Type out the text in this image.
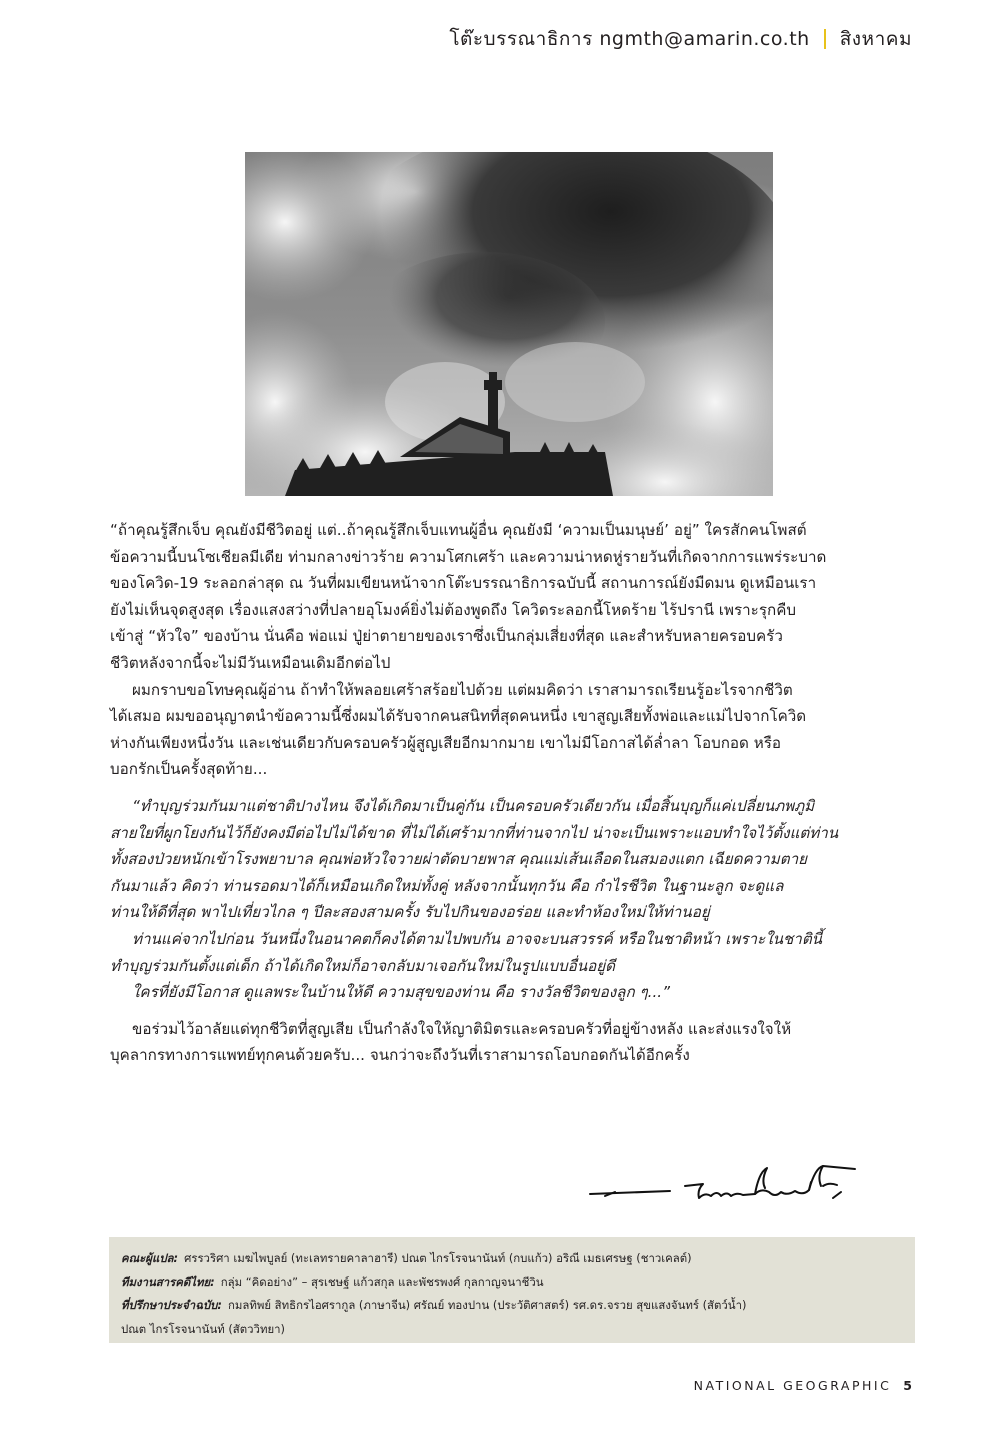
โต๊ะบรรณาธิการ ngmth@amarin.co.th สิงหาคม

“ถ้าคุณรู้สึกเจ็บ คุณยังมีชีวิตอยู่ แต่..ถ้าคุณรู้สึกเจ็บแทนผู้อื่น คุณยังมี ‘ความเป็นมนุษย์’ อยู่” ใครสักคนโพสต์

ข้อความนี้บนโซเชียลมีเดีย ท่ามกลางข่าวร้าย ความโศกเศร้า และความน่าหดหู่รายวันที่เกิดจากการแพร่ระบาด

ของโควิด-19 ระลอกล่าสุด ณ วันที่ผมเขียนหน้าจากโต๊ะบรรณาธิการฉบับนี้ สถานการณ์ยังมืดมน ดูเหมือนเรา

ยังไม่เห็นจุดสูงสุด เรื่องแสงสว่างที่ปลายอุโมงค์ยิ่งไม่ต้องพูดถึง โควิดระลอกนี้โหดร้าย ไร้ปรานี เพราะรุกคืบ

เข้าสู่ “หัวใจ” ของบ้าน นั่นคือ พ่อแม่ ปู่ย่าตายายของเราซึ่งเป็นกลุ่มเสี่ยงที่สุด และสำหรับหลายครอบครัว

ชีวิตหลังจากนี้จะไม่มีวันเหมือนเดิมอีกต่อไป

ผมกราบขอโทษคุณผู้อ่าน ถ้าทำให้พลอยเศร้าสร้อยไปด้วย แต่ผมคิดว่า เราสามารถเรียนรู้อะไรจากชีวิต

ได้เสมอ ผมขออนุญาตนำข้อความนี้ซึ่งผมได้รับจากคนสนิทที่สุดคนหนึ่ง เขาสูญเสียทั้งพ่อและแม่ไปจากโควิด

ห่างกันเพียงหนึ่งวัน และเช่นเดียวกับครอบครัวผู้สูญเสียอีกมากมาย เขาไม่มีโอกาสได้ล่ำลา โอบกอด หรือ

บอกรักเป็นครั้งสุดท้าย...

“ทำบุญร่วมกันมาแต่ชาติปางไหน จึงได้เกิดมาเป็นคู่กัน เป็นครอบครัวเดียวกัน เมื่อสิ้นบุญก็แค่เปลี่ยนภพภูมิ

สายใยที่ผูกโยงกันไว้ก็ยังคงมีต่อไปไม่ได้ขาด ที่ไม่ได้เศร้ามากที่ท่านจากไป น่าจะเป็นเพราะแอบทำใจไว้ตั้งแต่ท่าน

ทั้งสองป่วยหนักเข้าโรงพยาบาล คุณพ่อหัวใจวายผ่าตัดบายพาส คุณแม่เส้นเลือดในสมองแตก เฉียดความตาย

กันมาแล้ว คิดว่า ท่านรอดมาได้ก็เหมือนเกิดใหม่ทั้งคู่ หลังจากนั้นทุกวัน คือ กำไรชีวิต ในฐานะลูก จะดูแล

ท่านให้ดีที่สุด พาไปเที่ยวไกล ๆ ปีละสองสามครั้ง รับไปกินของอร่อย และทำห้องใหม่ให้ท่านอยู่

ท่านแค่จากไปก่อน วันหนึ่งในอนาคตก็คงได้ตามไปพบกัน อาจจะบนสวรรค์ หรือในชาติหน้า เพราะในชาตินี้

ทำบุญร่วมกันตั้งแต่เด็ก ถ้าได้เกิดใหม่ก็อาจกลับมาเจอกันใหม่ในรูปแบบอื่นอยู่ดี

ใครที่ยังมีโอกาส ดูแลพระในบ้านให้ดี ความสุขของท่าน คือ รางวัลชีวิตของลูก ๆ...”

ขอร่วมไว้อาลัยแด่ทุกชีวิตที่สูญเสีย เป็นกำลังใจให้ญาติมิตรและครอบครัวที่อยู่ข้างหลัง และส่งแรงใจให้

บุคลากรทางการแพทย์ทุกคนด้วยครับ... จนกว่าจะถึงวันที่เราสามารถโอบกอดกันได้อีกครั้ง

คณะผู้แปล: ศรรวริศา เมฆไพบูลย์ (ทะเลทรายคาลาฮารี) ปณต ไกรโรจนานันท์ (กบแก้ว) อริณี เมธเศรษฐ (ชาวเคลต์)
ทีมงานสารคดีไทย: กลุ่ม “คิดอย่าง” – สุรเชษฐ์ แก้วสกุล และพัชรพงศ์ กุลกาญจนาชีวิน
ที่ปรึกษาประจำฉบับ: กมลทิพย์ สิทธิกรไอศรากูล (ภาษาจีน) ศรัณย์ ทองปาน (ประวัติศาสตร์) รศ.ดร.จรวย สุขแสงจันทร์ (สัตว์น้ำ)
ปณต ไกรโรจนานันท์ (สัตววิทยา)
NATIONAL GEOGRAPHIC 5
